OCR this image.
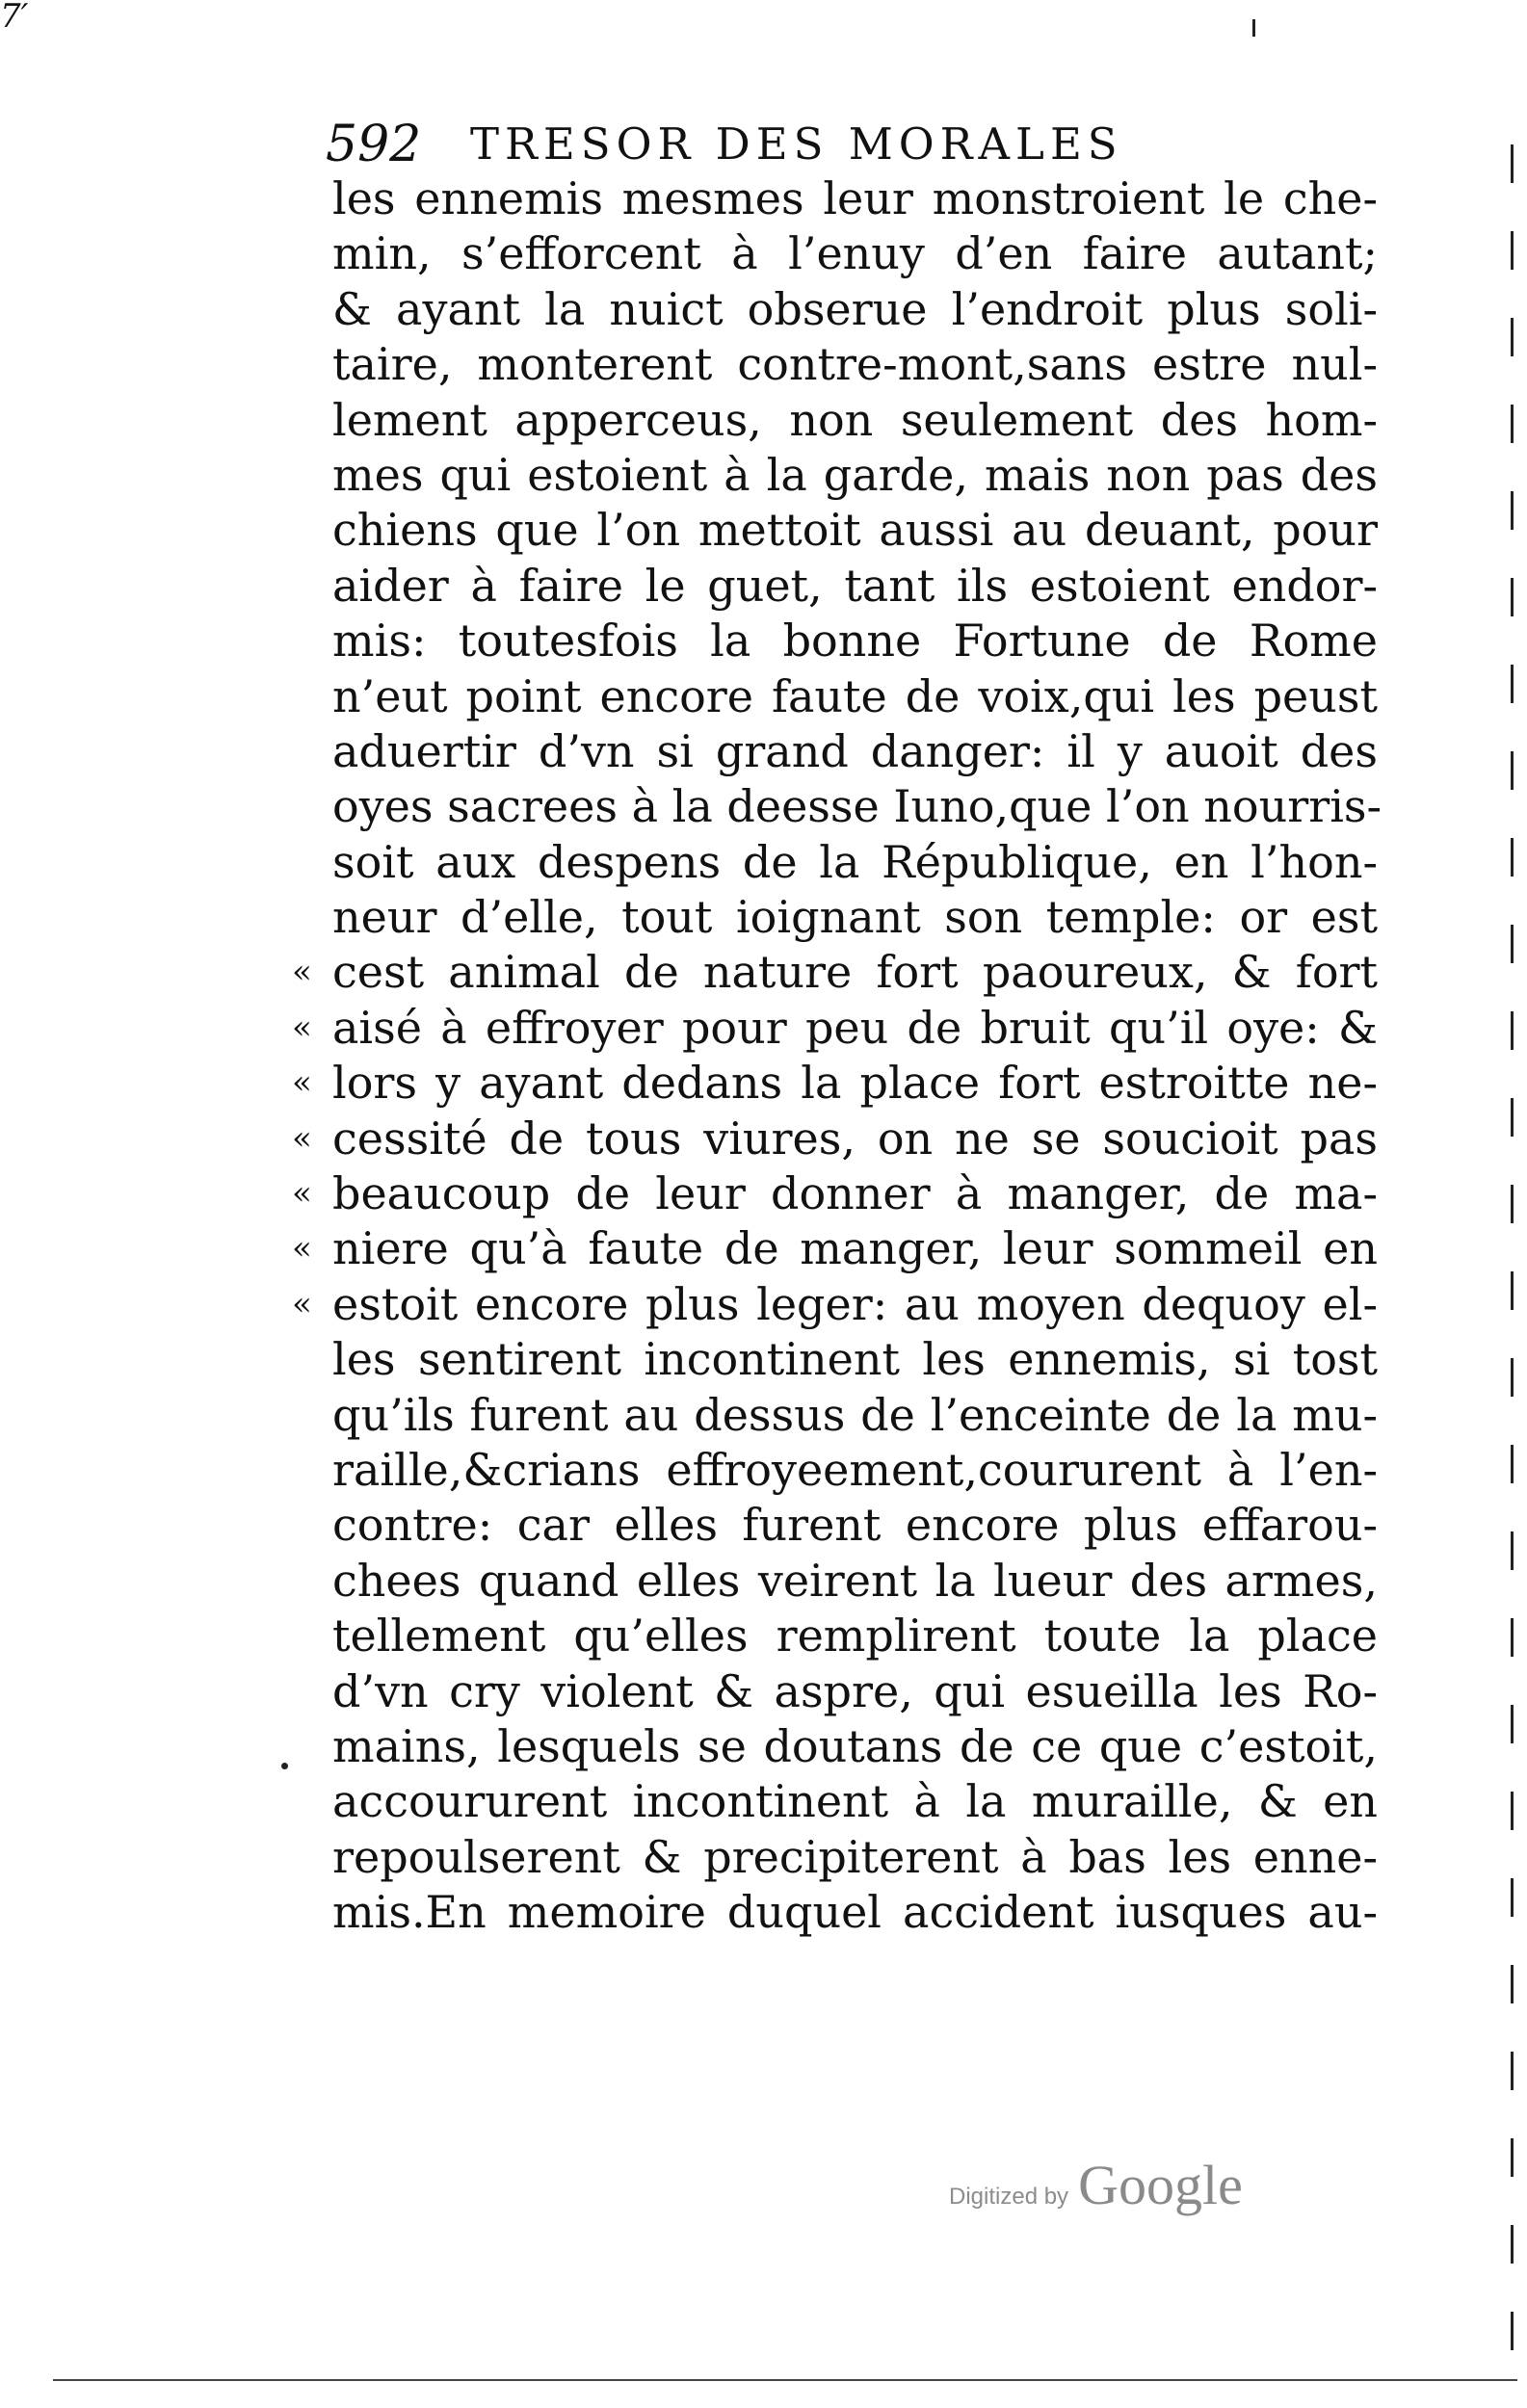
7′
592 TRESOR DES MORALES
les ennemis mesmes leur monstroient le che-
min, s’efforcent à l’enuy d’en faire autant;
& ayant la nuict obserue l’endroit plus soli-
taire, monterent contre-mont,sans estre nul-
lement apperceus, non seulement des hom-
mes qui estoient à la garde, mais non pas des
chiens que l’on mettoit aussi au deuant, pour
aider à faire le guet, tant ils estoient endor-
mis: toutesfois la bonne Fortune de Rome
n’eut point encore faute de voix,qui les peust
aduertir d’vn si grand danger: il y auoit des
oyes sacrees à la deesse Iuno,que l’on nourris-
soit aux despens de la République, en l’hon-
neur d’elle, tout ioignant son temple: or est
« cest animal de nature fort paoureux, & fort
« aisé à effroyer pour peu de bruit qu’il oye: &
« lors y ayant dedans la place fort estroitte ne-
« cessité de tous viures, on ne se soucioit pas
« beaucoup de leur donner à manger, de ma-
« niere qu’à faute de manger, leur sommeil en
« estoit encore plus leger: au moyen dequoy el-
les sentirent incontinent les ennemis, si tost
qu’ils furent au dessus de l’enceinte de la mu-
raille,&crians effroyeement,coururent à l’en-
contre: car elles furent encore plus effarou-
chees quand elles veirent la lueur des armes,
tellement qu’elles remplirent toute la place
d’vn cry violent & aspre, qui esueilla les Ro-
mains, lesquels se doutans de ce que c’estoit,
accoururent incontinent à la muraille, & en
repoulserent & precipiterent à bas les enne-
mis.En memoire duquel accident iusques au-
Digitized by Google
